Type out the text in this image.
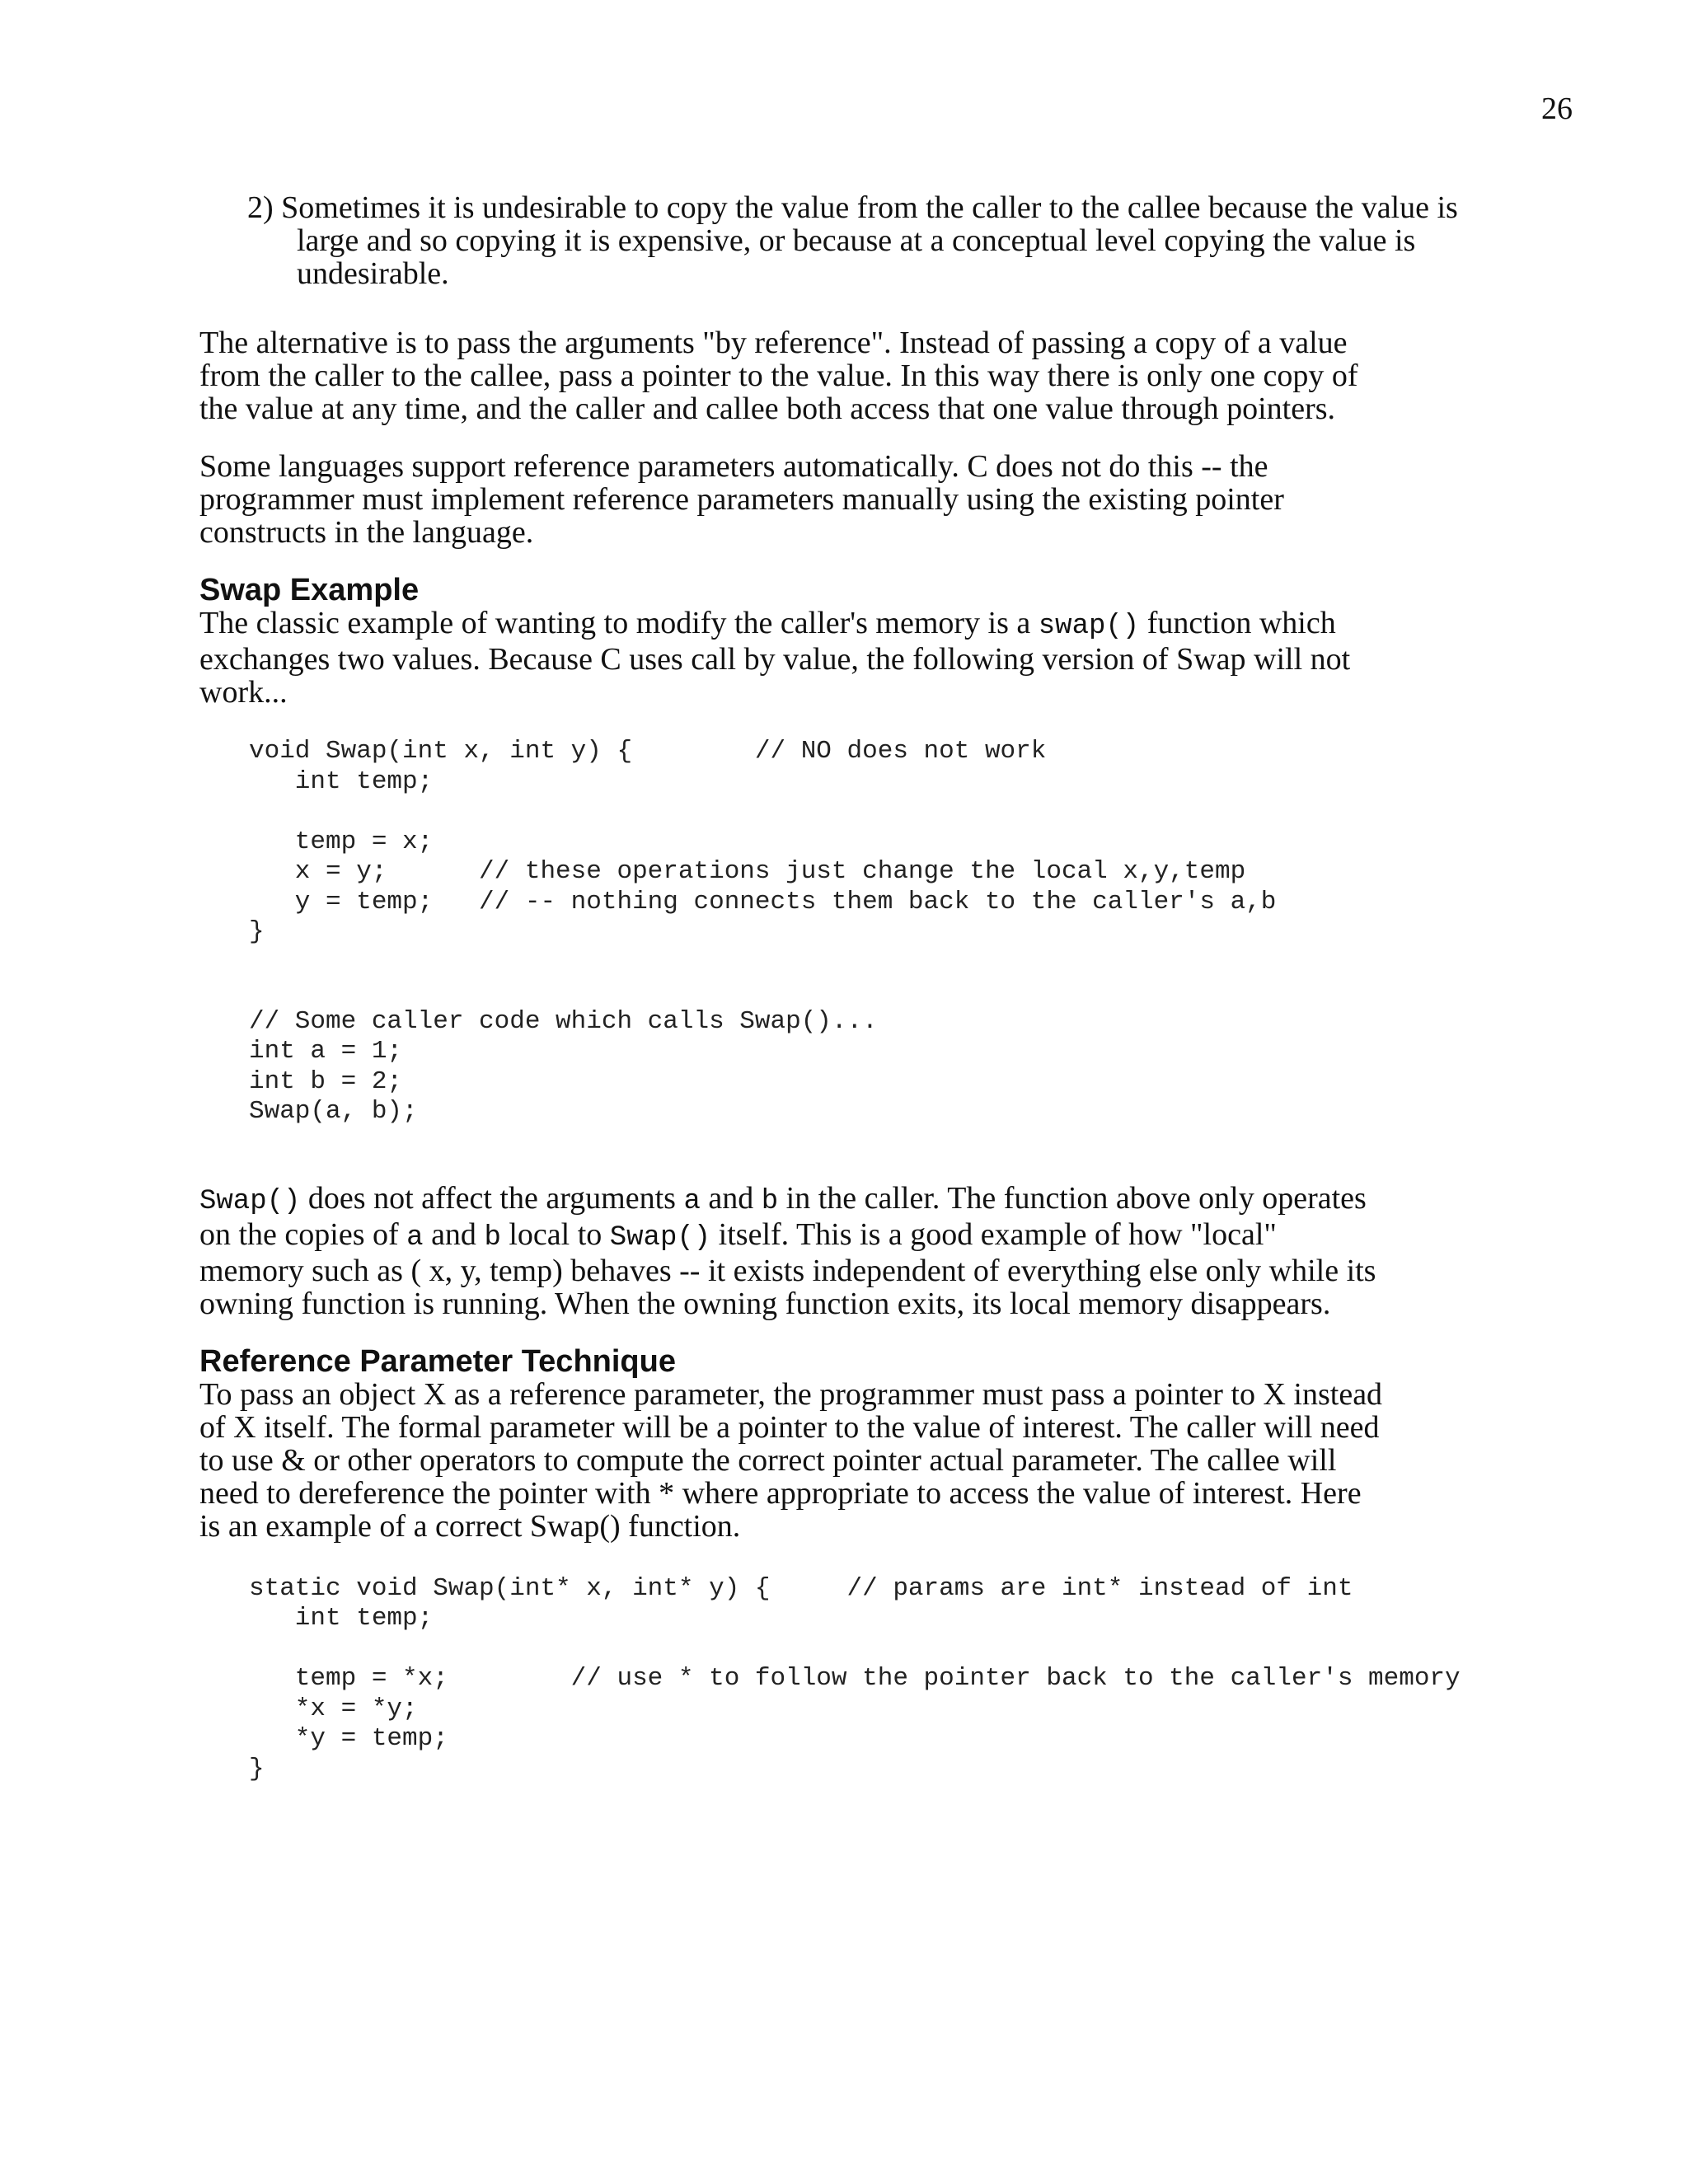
26

2) Sometimes it is undesirable to copy the value from the caller to the callee because the value is large and so copying it is expensive, or because at a conceptual level copying the value is undesirable.

The alternative is to pass the arguments "by reference". Instead of passing a copy of a value from the caller to the callee, pass a pointer to the value. In this way there is only one copy of the value at any time, and the caller and callee both access that one value through pointers.

Some languages support reference parameters automatically. C does not do this -- the programmer must implement reference parameters manually using the existing pointer constructs in the language.

Swap Example

The classic example of wanting to modify the caller's memory is a swap() function which exchanges two values. Because C uses call by value, the following version of Swap will not work...

void Swap(int x, int y) {        // NO does not work
int temp;

temp = x;
x = y;      // these operations just change the local x,y,temp
y = temp;   // -- nothing connects them back to the caller's a,b
}
// Some caller code which calls Swap()...
int a = 1;
int b = 2;
Swap(a, b);

Swap() does not affect the arguments a and b in the caller. The function above only operates on the copies of a and b local to Swap() itself. This is a good example of how "local" memory such as ( x, y, temp) behaves -- it exists independent of everything else only while its owning function is running. When the owning function exits, its local memory disappears.

Reference Parameter Technique

To pass an object X as a reference parameter, the programmer must pass a pointer to X instead of X itself. The formal parameter will be a pointer to the value of interest. The caller will need to use & or other operators to compute the correct pointer actual parameter. The callee will need to dereference the pointer with * where appropriate to access the value of interest. Here is an example of a correct Swap() function.

static void Swap(int* x, int* y) {     // params are int* instead of int
int temp;

temp = *x;        // use * to follow the pointer back to the caller's memory
*x = *y;
*y = temp;
}
